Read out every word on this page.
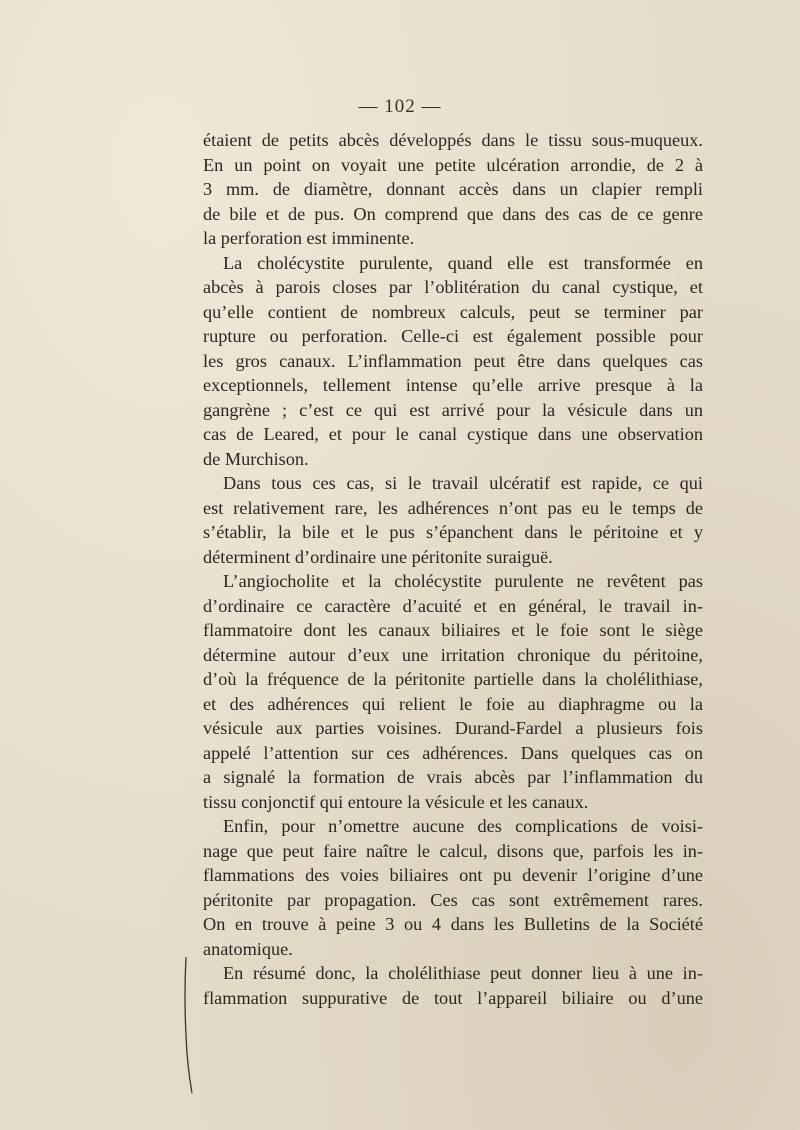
— 102 —
étaient de petits abcès développés dans le tissu sous-muqueux.
En un point on voyait une petite ulcération arrondie, de 2 à
3 mm. de diamètre, donnant accès dans un clapier rempli
de bile et de pus. On comprend que dans des cas de ce genre
la perforation est imminente.
La cholécystite purulente, quand elle est transformée en
abcès à parois closes par l’oblitération du canal cystique, et
qu’elle contient de nombreux calculs, peut se terminer par
rupture ou perforation. Celle-ci est également possible pour
les gros canaux. L’inflammation peut être dans quelques cas
exceptionnels, tellement intense qu’elle arrive presque à la
gangrène ; c’est ce qui est arrivé pour la vésicule dans un
cas de Leared, et pour le canal cystique dans une observation
de Murchison.
Dans tous ces cas, si le travail ulcératif est rapide, ce qui
est relativement rare, les adhérences n’ont pas eu le temps de
s’établir, la bile et le pus s’épanchent dans le péritoine et y
déterminent d’ordinaire une péritonite suraiguë.
L’angiocholite et la cholécystite purulente ne revêtent pas
d’ordinaire ce caractère d’acuité et en général, le travail in-
flammatoire dont les canaux biliaires et le foie sont le siège
détermine autour d’eux une irritation chronique du péritoine,
d’où la fréquence de la péritonite partielle dans la cholélithiase,
et des adhérences qui relient le foie au diaphragme ou la
vésicule aux parties voisines. Durand-Fardel a plusieurs fois
appelé l’attention sur ces adhérences. Dans quelques cas on
a signalé la formation de vrais abcès par l’inflammation du
tissu conjonctif qui entoure la vésicule et les canaux.
Enfin, pour n’omettre aucune des complications de voisi-
nage que peut faire naître le calcul, disons que, parfois les in-
flammations des voies biliaires ont pu devenir l’origine d’une
péritonite par propagation. Ces cas sont extrêmement rares.
On en trouve à peine 3 ou 4 dans les Bulletins de la Société
anatomique.
En résumé donc, la cholélithiase peut donner lieu à une in-
flammation suppurative de tout l’appareil biliaire ou d’une
